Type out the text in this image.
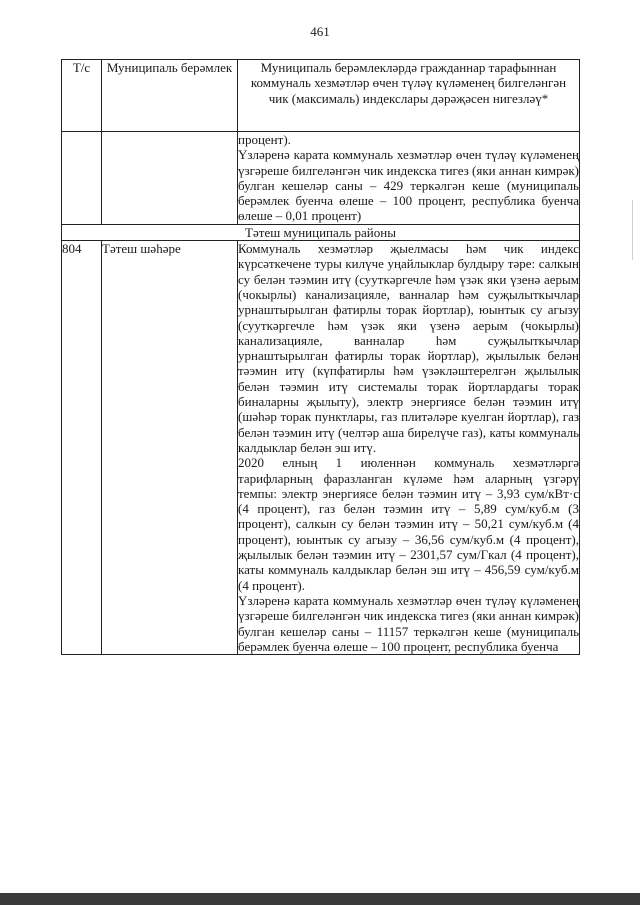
461
Т/с	Муниципаль берәмлек	Муниципаль берәмлекләрдә гражданнар тарафыннан коммуналь хезмәтләр өчен түләү күләменең билгеләнгән чик (максималь) индекслары дәрәҗәсен нигезләү*

		процент).

Үзләренә карата коммуналь хезмәтләр өчен түләү күләменең үзгәреше билгеләнгән чик индекска тигез (яки аннан кимрәк) булган кешеләр саны – 429 теркәлгән кеше (муниципаль берәмлек буенча өлеше – 100 процент, республика буенча өлеше – 0,01 процент)

Тәтеш муниципаль районы		
804	Тәтеш шәһәре	Коммуналь хезмәтләр җыелмасы һәм чик индекс күрсәткечене туры килүче уңайлыклар булдыру тәре: салкын су белән тәэмин итү (сууткәргечле һәм үзәк яки үзенә аерым (чокырлы) канализацияле, ванналар һәм суҗылыткычлар урнаштырылган фатирлы торак йортлар), юынтык су агызу (сууткәргечле һәм үзәк яки үзенә аерым (чокырлы) канализацияле, ванналар һәм суҗылыткычлар урнаштырылган фатирлы торак йортлар), җылылык белән тәэмин итү (күпфатирлы һәм үзәкләштерелгән җылылык белән тәэмин итү системалы торак йортлардагы торак биналарны җылыту), электр энергиясе белән тәэмин итү (шәһәр торак пунктлары, газ плитәләре куелган йортлар), газ белән тәэмин итү (челтәр аша бирелүче газ), каты коммуналь калдыклар белән эш итү.

2020 елның 1 июленнән коммуналь хезмәтләргә тарифларның фаразланган күләме һәм аларның үзгәрү темпы: электр энергиясе белән тәэмин итү – 3,93 сум/кВт·с (4 процент), газ белән тәэмин итү – 5,89 сум/куб.м (3 процент), салкын су белән тәэмин итү – 50,21 сум/куб.м (4 процент), юынтык су агызу – 36,56 сум/куб.м (4 процент), җылылык белән тәэмин итү – 2301,57 сум/Гкал (4 процент), каты коммуналь калдыклар белән эш итү – 456,59 сум/куб.м (4 процент).

Үзләренә карата коммуналь хезмәтләр өчен түләү күләменең үзгәреше билгеләнгән чик индекска тигез (яки аннан кимрәк) булган кешеләр саны – 11157 теркәлгән кеше (муниципаль берәмлек буенча өлеше – 100 процент, республика буенча
